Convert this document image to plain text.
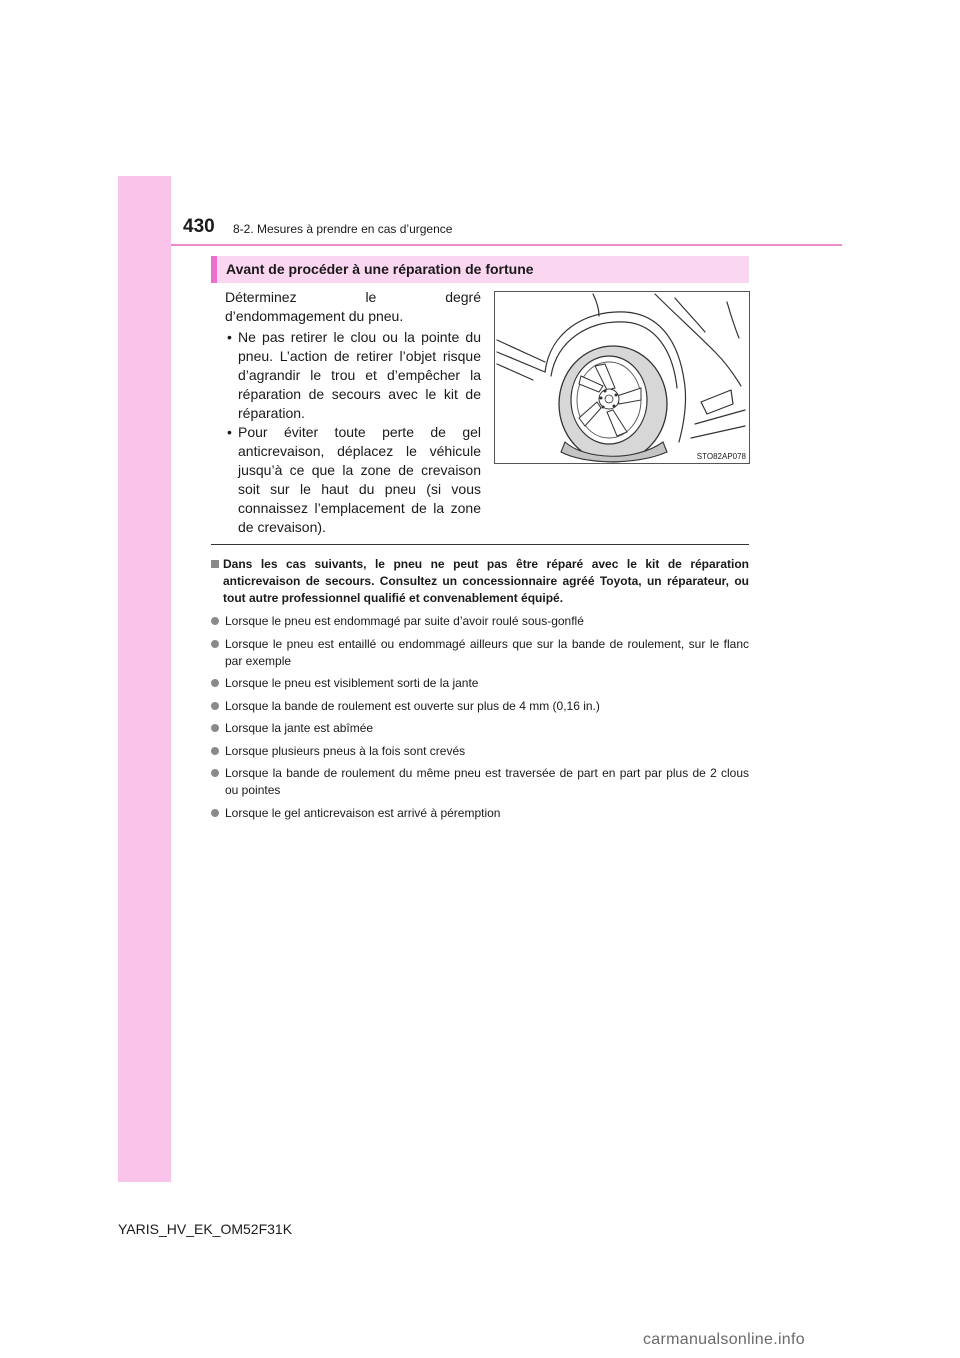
430 8-2. Mesures à prendre en cas d’urgence
Avant de procéder à une réparation de fortune

Déterminez le degré

d’endommagement du pneu.

• Ne pas retirer le clou ou la pointe du pneu. L’action de retirer l’objet risque d’agrandir le trou et d’empêcher la réparation de secours avec le kit de réparation.
• Pour éviter toute perte de gel anticrevaison, déplacez le véhicule jusqu’à ce que la zone de crevaison soit sur le haut du pneu (si vous connaissez l’emplacement de la zone de crevaison).
STO82AP078
Dans les cas suivants, le pneu ne peut pas être réparé avec le kit de réparation anticrevaison de secours. Consultez un concessionnaire agréé Toyota, un réparateur, ou tout autre professionnel qualifié et convenablement équipé.
Lorsque le pneu est endommagé par suite d’avoir roulé sous-gonflé
Lorsque le pneu est entaillé ou endommagé ailleurs que sur la bande de roulement, sur le flanc par exemple
Lorsque le pneu est visiblement sorti de la jante
Lorsque la bande de roulement est ouverte sur plus de 4 mm (0,16 in.)
Lorsque la jante est abîmée
Lorsque plusieurs pneus à la fois sont crevés
Lorsque la bande de roulement du même pneu est traversée de part en part par plus de 2 clous ou pointes
Lorsque le gel anticrevaison est arrivé à péremption
YARIS_HV_EK_OM52F31K
carmanualsonline.info
